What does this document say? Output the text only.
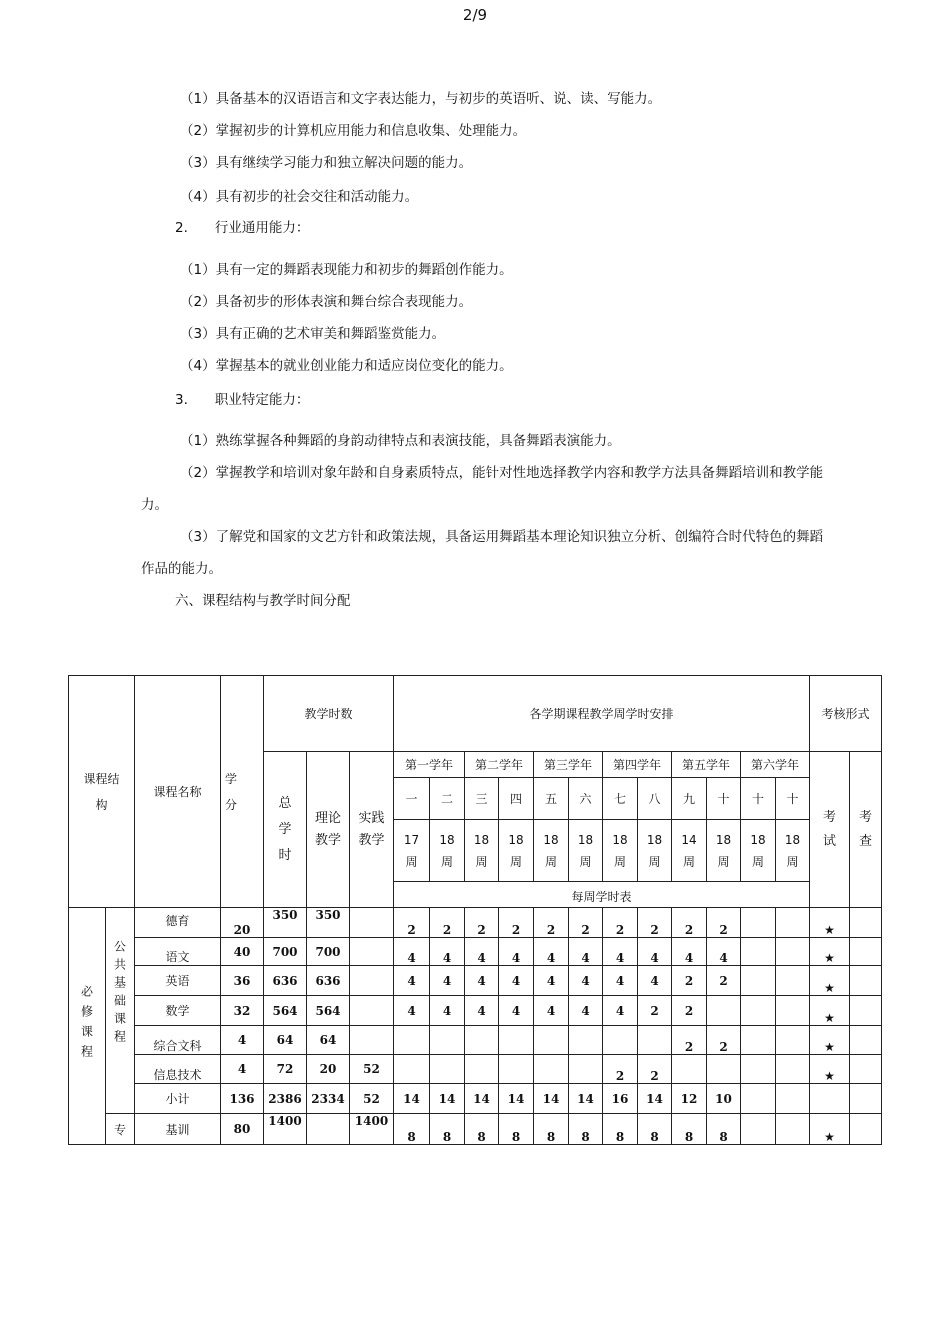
2/9
（1）具备基本的汉语语言和文字表达能力，与初步的英语听、说、读、写能力。
（2）掌握初步的计算机应用能力和信息收集、处理能力。
（3）具有继续学习能力和独立解决问题的能力。
（4）具有初步的社会交往和活动能力。
2.　　行业通用能力：
（1）具有一定的舞蹈表现能力和初步的舞蹈创作能力。
（2）具备初步的形体表演和舞台综合表现能力。
（3）具有正确的艺术审美和舞蹈鉴赏能力。
（4）掌握基本的就业创业能力和适应岗位变化的能力。
3.　　职业特定能力：
（1）熟练掌握各种舞蹈的身韵动律特点和表演技能，具备舞蹈表演能力。
（2）掌握教学和培训对象年龄和自身素质特点，能针对性地选择教学内容和教学方法具备舞蹈培训和教学能
力。
（3）了解党和国家的文艺方针和政策法规，具备运用舞蹈基本理论知识独立分析、创编符合时代特色的舞蹈
作品的能力。
六、课程结构与教学时间分配
课程结构		课程名称	学分	教学时数			各学期课程教学周学时安排												考核形式	
				总学时	理论教学	实践教学	第一学年		第二学年		第三学年		第四学年		第五学年		第六学年		考试	考查
							一	二	三	四	五	六	七	八	九	十	十	十		
							17周	18周	18周	18周	18周	18周	18周	18周	14周	18周	18周	18周		
							每周学时表													
必修课程	公共基础课程	德育	20	350	350		2	2	2	2	2	2	2	2	2	2			★	
		语文	40	700	700		4	4	4	4	4	4	4	4	4	4			★	
		英语	36	636	636		4	4	4	4	4	4	4	4	2	2			★	
		数学	32	564	564		4	4	4	4	4	4	4	2	2				★	
		综合文科	4	64	64										2	2			★	
		信息技术	4	72	20	52							2	2					★	
		小计	136	2386	2334	52	14	14	14	14	14	14	16	14	12	10				
	专	基训	80	1400		1400	8	8	8	8	8	8	8	8	8	8			★	
